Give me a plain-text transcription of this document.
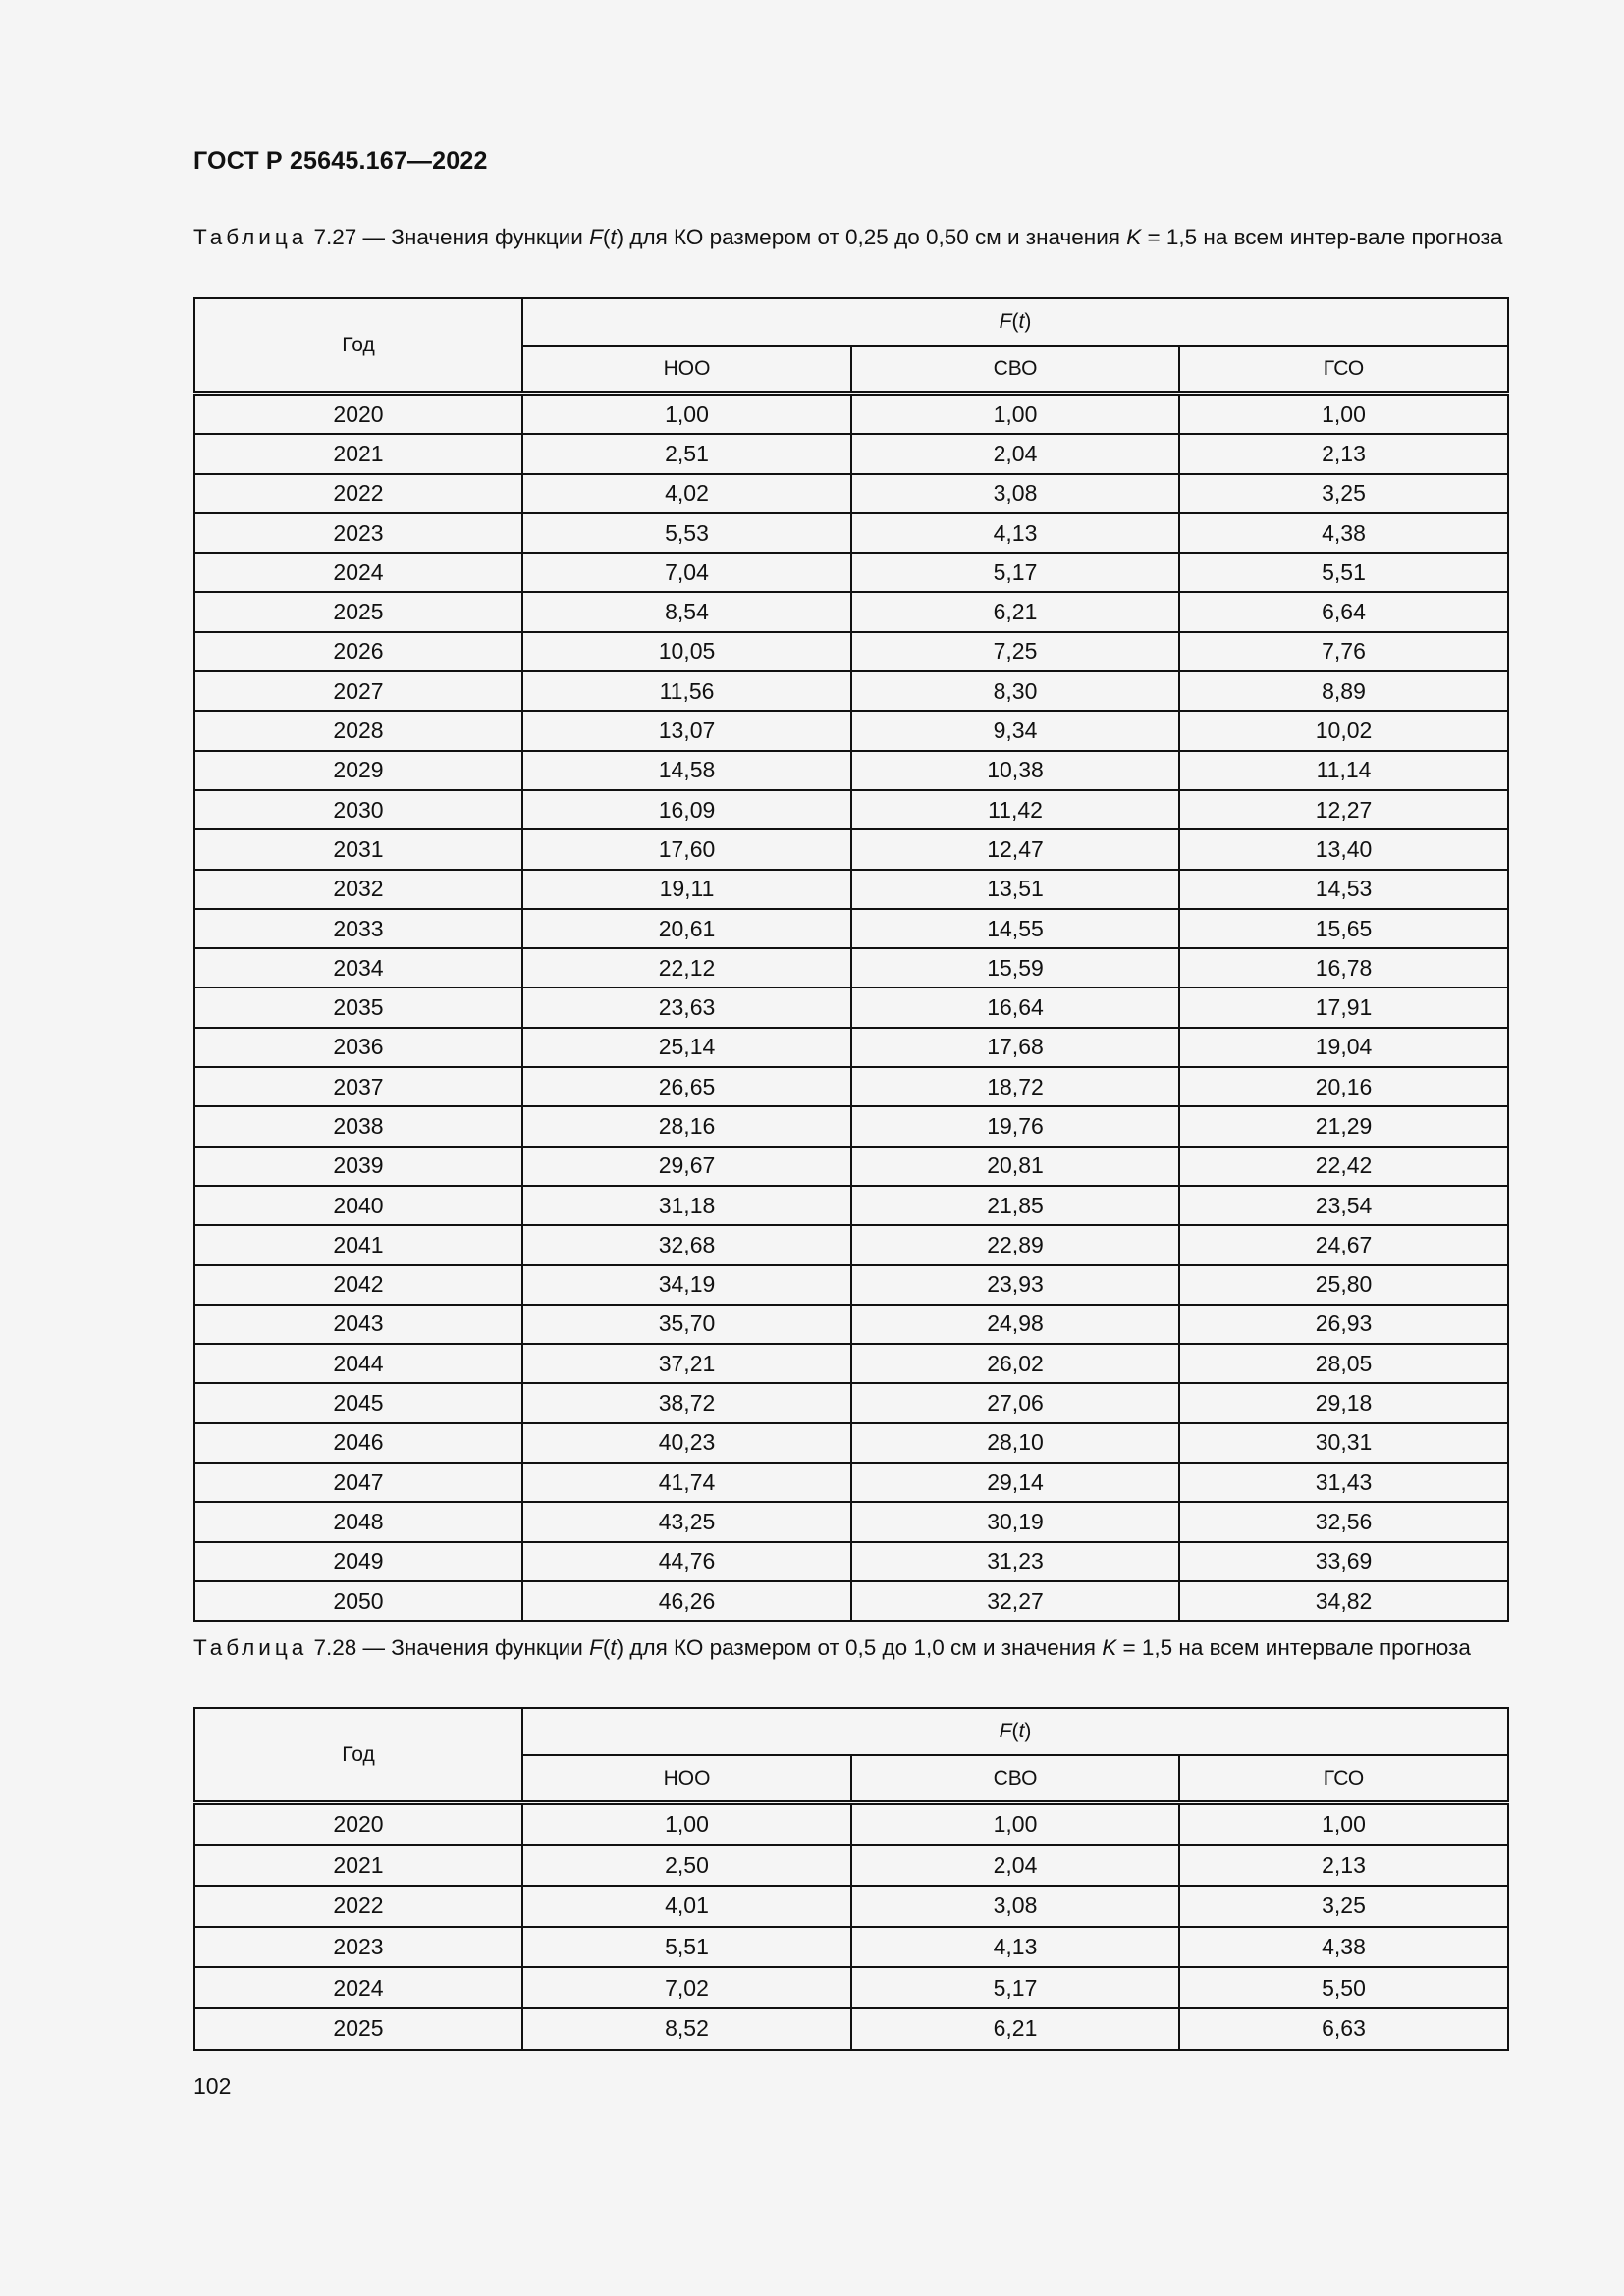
ГОСТ Р 25645.167—2022
Таблица 7.27 — Значения функции F(t) для КО размером от 0,25 до 0,50 см и значения K = 1,5 на всем интер-вале прогноза
Год	F(t)		
	НОО	СВО	ГСО
2020	1,00	1,00	1,00
2021	2,51	2,04	2,13
2022	4,02	3,08	3,25
2023	5,53	4,13	4,38
2024	7,04	5,17	5,51
2025	8,54	6,21	6,64
2026	10,05	7,25	7,76
2027	11,56	8,30	8,89
2028	13,07	9,34	10,02
2029	14,58	10,38	11,14
2030	16,09	11,42	12,27
2031	17,60	12,47	13,40
2032	19,11	13,51	14,53
2033	20,61	14,55	15,65
2034	22,12	15,59	16,78
2035	23,63	16,64	17,91
2036	25,14	17,68	19,04
2037	26,65	18,72	20,16
2038	28,16	19,76	21,29
2039	29,67	20,81	22,42
2040	31,18	21,85	23,54
2041	32,68	22,89	24,67
2042	34,19	23,93	25,80
2043	35,70	24,98	26,93
2044	37,21	26,02	28,05
2045	38,72	27,06	29,18
2046	40,23	28,10	30,31
2047	41,74	29,14	31,43
2048	43,25	30,19	32,56
2049	44,76	31,23	33,69
2050	46,26	32,27	34,82
Таблица 7.28 — Значения функции F(t) для КО размером от 0,5 до 1,0 см и значения K = 1,5 на всем интервале прогноза
Год	F(t)		
	НОО	СВО	ГСО
2020	1,00	1,00	1,00
2021	2,50	2,04	2,13
2022	4,01	3,08	3,25
2023	5,51	4,13	4,38
2024	7,02	5,17	5,50
2025	8,52	6,21	6,63
102
